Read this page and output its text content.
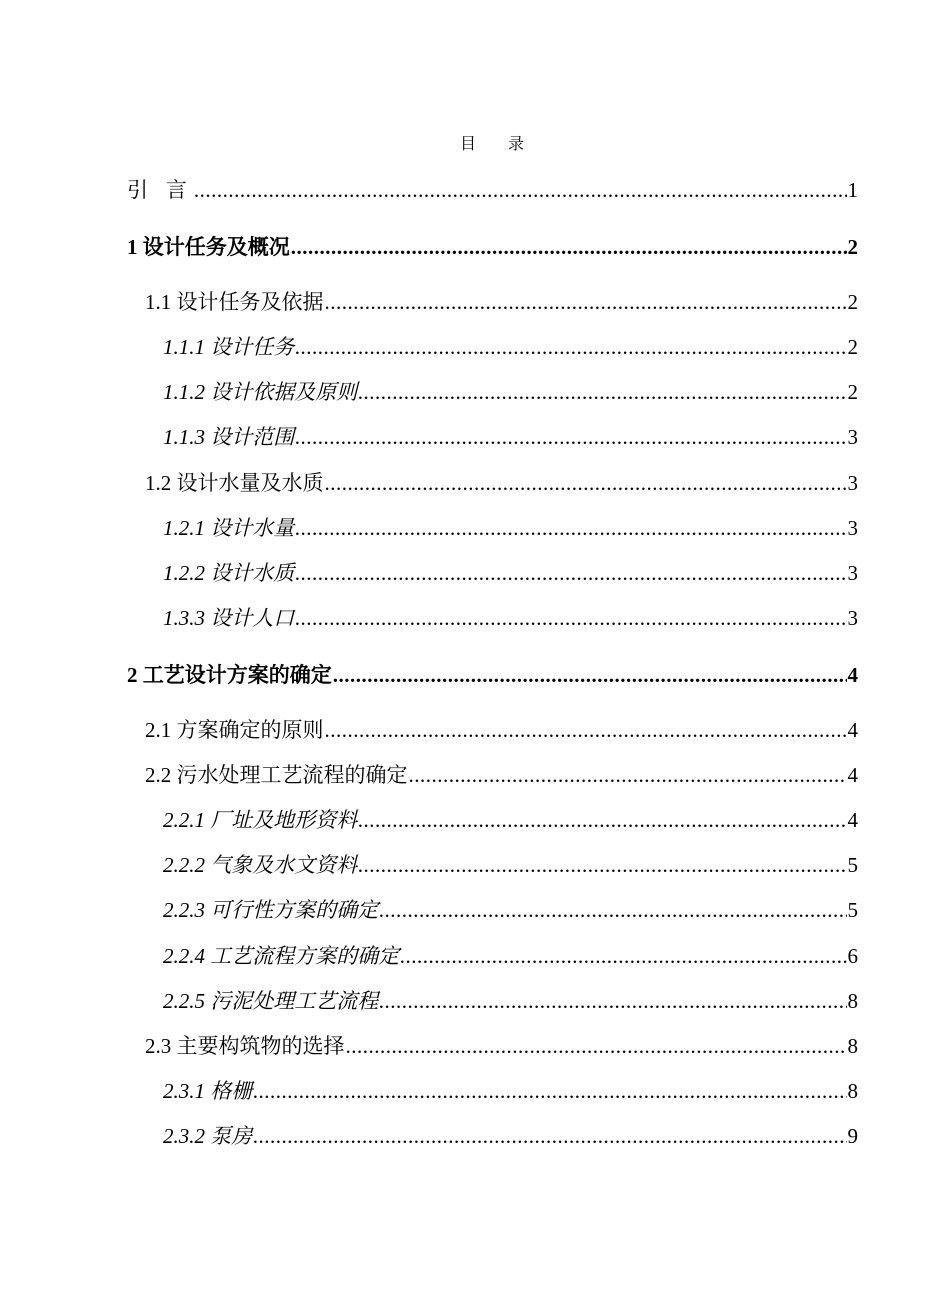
目 录
引 言 .....	1
1 设计任务及概况 .....	2
1.1 设计任务及依据 .....	2
1.1.1 设计任务 .....	2
1.1.2 设计依据及原则 .....	2
1.1.3 设计范围 .....	3
1.2 设计水量及水质 .....	3
1.2.1 设计水量 .....	3
1.2.2 设计水质 .....	3
1.3.3 设计人口 .....	3
2 工艺设计方案的确定 .....	4
2.1 方案确定的原则 .....	4
2.2 污水处理工艺流程的确定 .....	4
2.2.1 厂址及地形资料 .....	4
2.2.2 气象及水文资料 .....	5
2.2.3 可行性方案的确定 .....	5
2.2.4 工艺流程方案的确定 .....	6
2.2.5 污泥处理工艺流程 .....	8
2.3 主要构筑物的选择 .....	8
2.3.1 格栅 .....	8
2.3.2 泵房 .....	9
